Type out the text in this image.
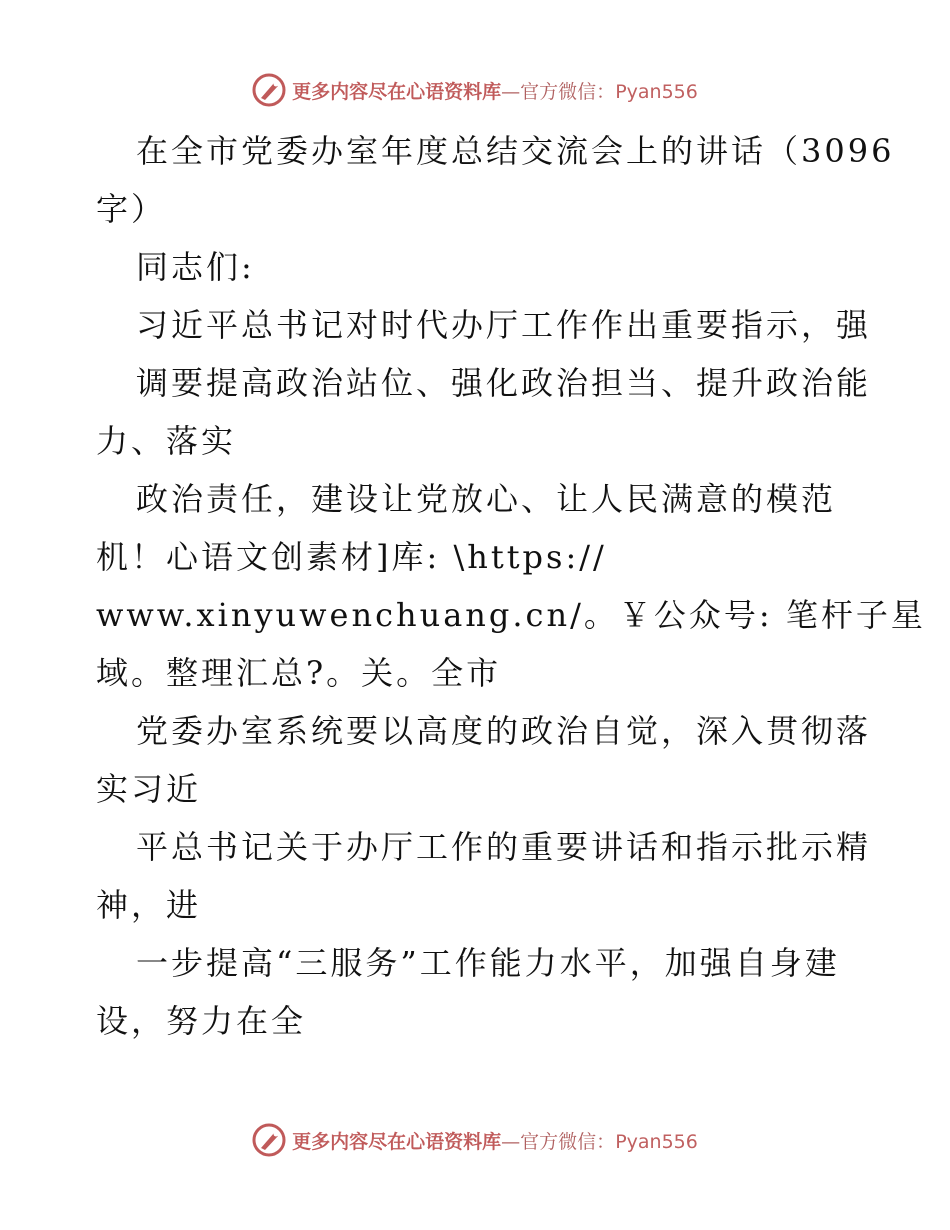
更多内容尽在心语资料库—官方微信：Pyan556
在全市党委办室年度总结交流会上的讲话（3096
字）
同志们:
习近平总书记对时代办厅工作作出重要指示，强
调要提高政治站位、强化政治担当、提升政治能
力、落实
政治责任，建设让党放心、让人民满意的模范
机！心语文创素材]库: \https://
www.xinyuwenchuang.cn/。￥公众号: 笔杆子星
域。整理汇总?。关。全市
党委办室系统要以高度的政治自觉，深入贯彻落
实习近
平总书记关于办厅工作的重要讲话和指示批示精
神，进
一步提高“三服务”工作能力水平，加强自身建
设，努力在全
更多内容尽在心语资料库—官方微信：Pyan556
